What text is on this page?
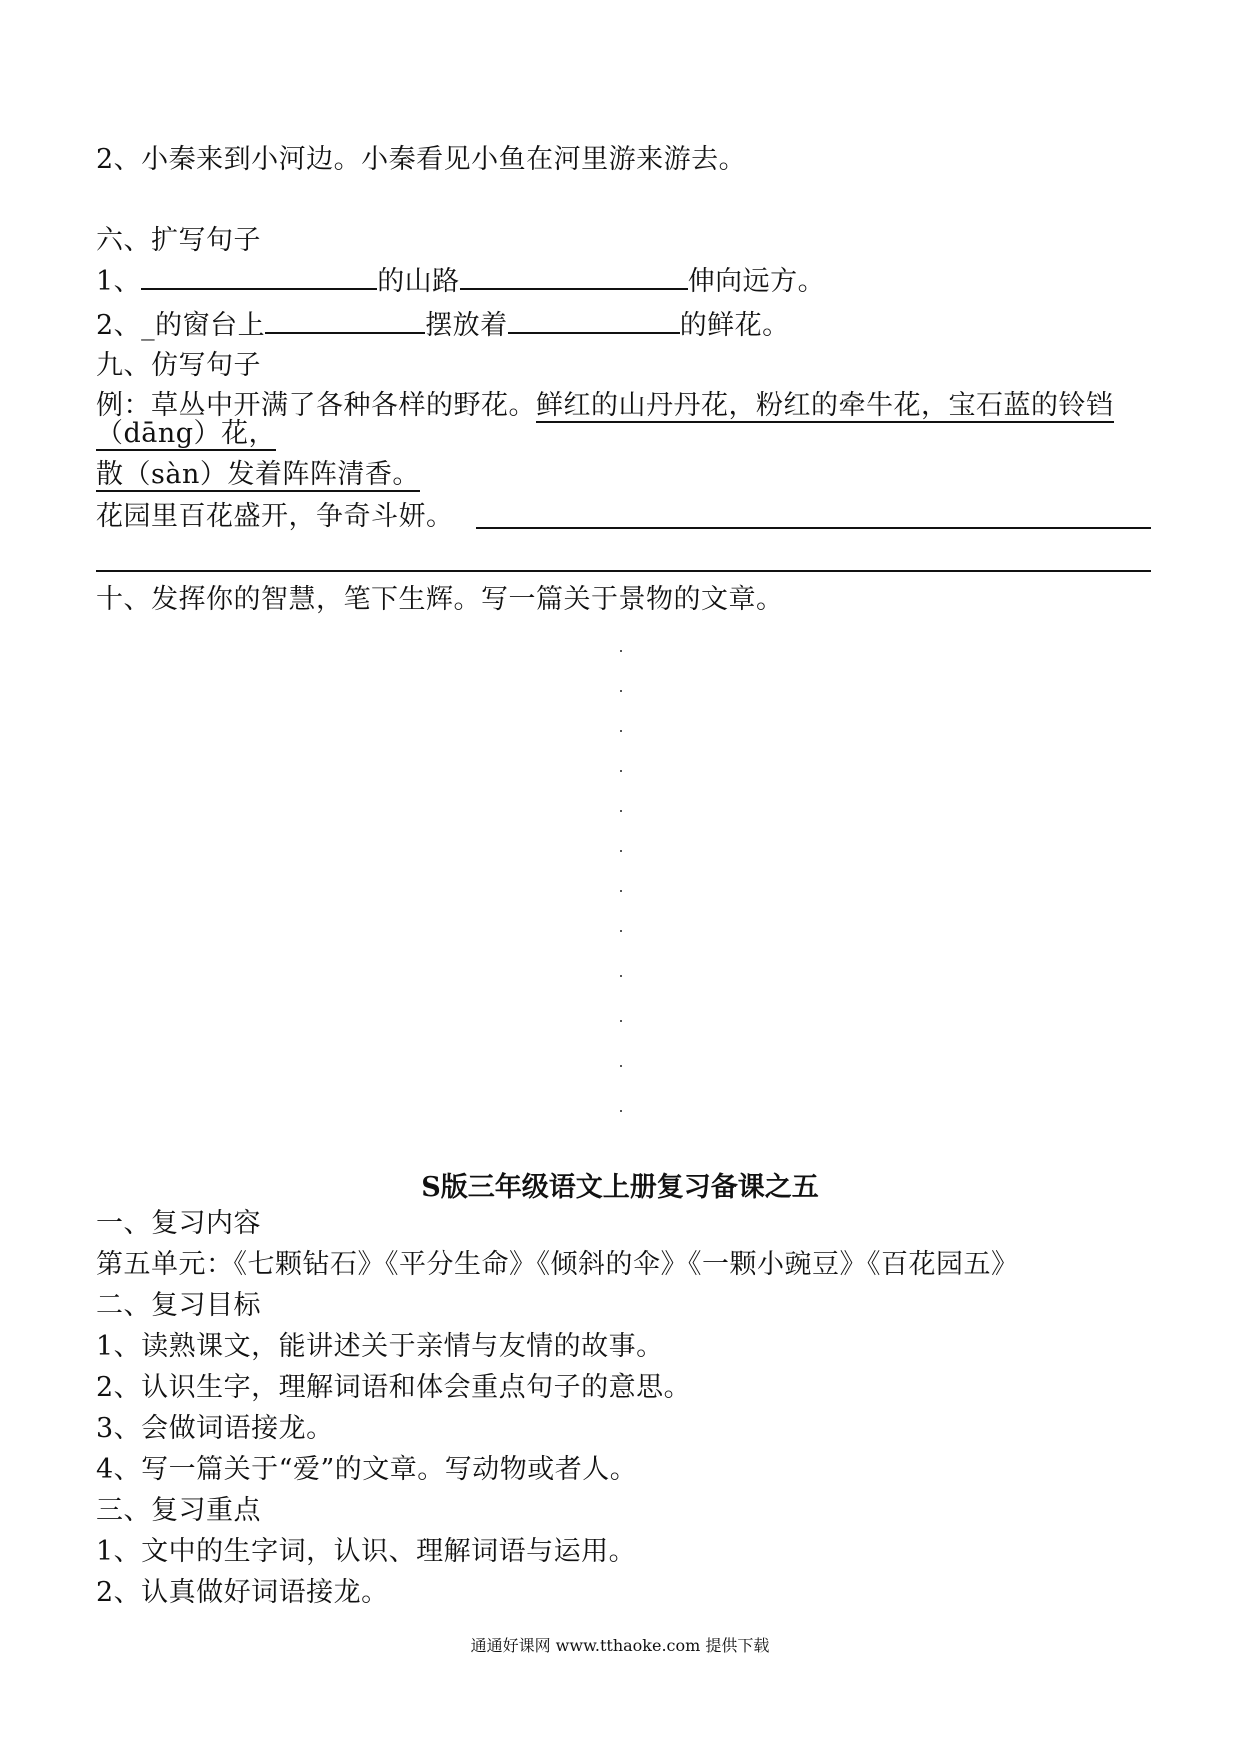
2、小秦来到小河边。小秦看见小鱼在河里游来游去。
六、扩写句子
1、	的山路	伸向远方。
2、_的窗台上	摆放着	的鲜花。
九、仿写句子
例：草丛中开满了各种各样的野花。鲜红的山丹丹花，粉红的牵牛花，宝石蓝的铃铛（dāng）花，
散（sàn）发着阵阵清香。
花园里百花盛开，争奇斗妍。
十、发挥你的智慧，笔下生辉。写一篇关于景物的文章。
S版三年级语文上册复习备课之五
一、复习内容
第五单元：《七颗钻石》《平分生命》《倾斜的伞》《一颗小豌豆》《百花园五》
二、复习目标
1、读熟课文，能讲述关于亲情与友情的故事。
2、认识生字，理解词语和体会重点句子的意思。
3、会做词语接龙。
4、写一篇关于“爱”的文章。写动物或者人。
三、复习重点
1、文中的生字词，认识、理解词语与运用。
2、认真做好词语接龙。
通通好课网 www.tthaoke.com 提供下载
